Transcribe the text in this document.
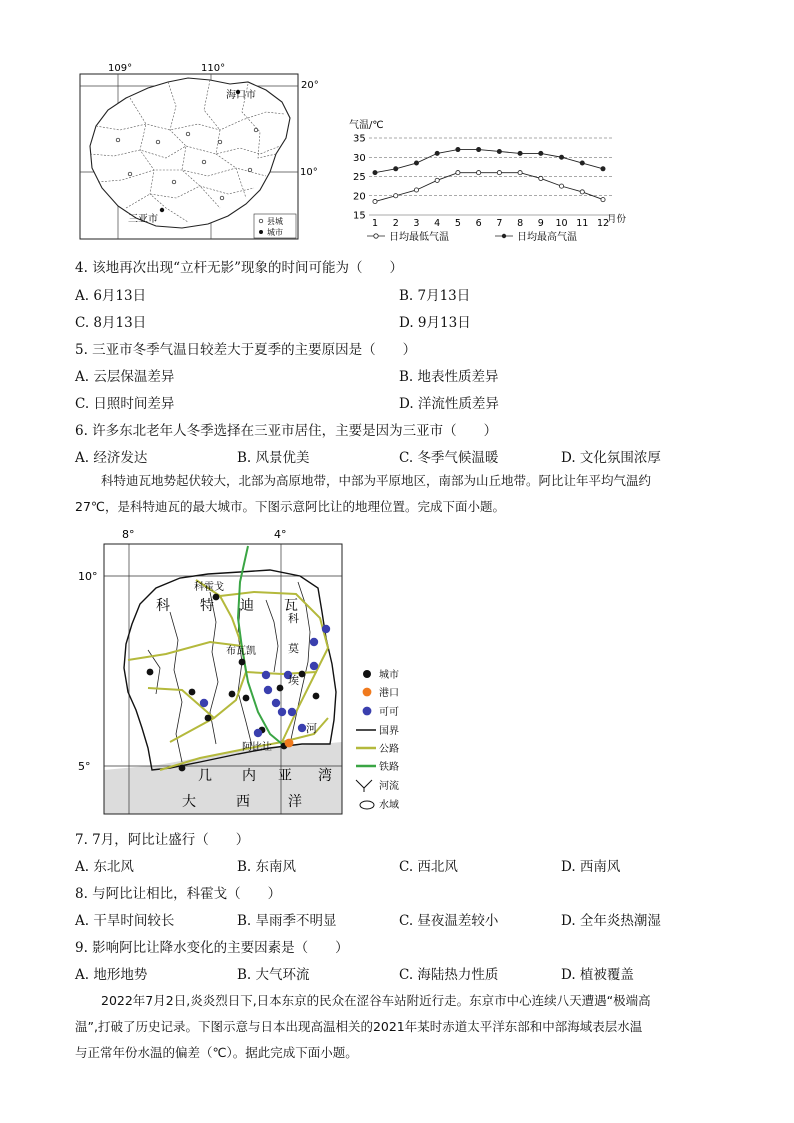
109°	110°
20°
10°
海口市
三亚市	县城
城市
气温/℃
15
20
25
30
35
1 2 3 4 5 6 7 8 9 10 11 12
月份
日均最低气温	日均最高气温
4. 该地再次出现“立杆无影”现象的时间可能为（　　）
A. 6月13日	B. 7月13日
C. 8月13日	D. 9月13日
5. 三亚市冬季气温日较差大于夏季的主要原因是（　　）
A. 云层保温差异	B. 地表性质差异
C. 日照时间差异	D. 洋流性质差异
6. 许多东北老年人冬季选择在三亚市居住，主要是因为三亚市（　　）
A. 经济发达	B. 风景优美	C. 冬季气候温暖	D. 文化氛围浓厚
科特迪瓦地势起伏较大，北部为高原地带，中部为平原地区，南部为山丘地带。阿比让年平均气温约
27℃，是科特迪瓦的最大城市。下图示意阿比让的地理位置。完成下面小题。
8°	4°
10°
5°
科霍戈
布瓦凯
阿比让
科 特 迪 瓦
科
莫
埃
河
几 内 亚 湾
大	西	洋
城市
港口
可可
国界
公路
铁路
河流
水域
7. 7月，阿比让盛行（　　）
A. 东北风	B. 东南风	C. 西北风	D. 西南风
8. 与阿比让相比，科霍戈（　　）
A. 干旱时间较长	B. 旱雨季不明显	C. 昼夜温差较小	D. 全年炎热潮湿
9. 影响阿比让降水变化的主要因素是（　　）
A. 地形地势	B. 大气环流	C. 海陆热力性质	D. 植被覆盖
2022年7月2日,炎炎烈日下,日本东京的民众在涩谷车站附近行走。东京市中心连续八天遭遇“极端高
温”,打破了历史记录。下图示意与日本出现高温相关的2021年某时赤道太平洋东部和中部海域表层水温
与正常年份水温的偏差（℃）。据此完成下面小题。
